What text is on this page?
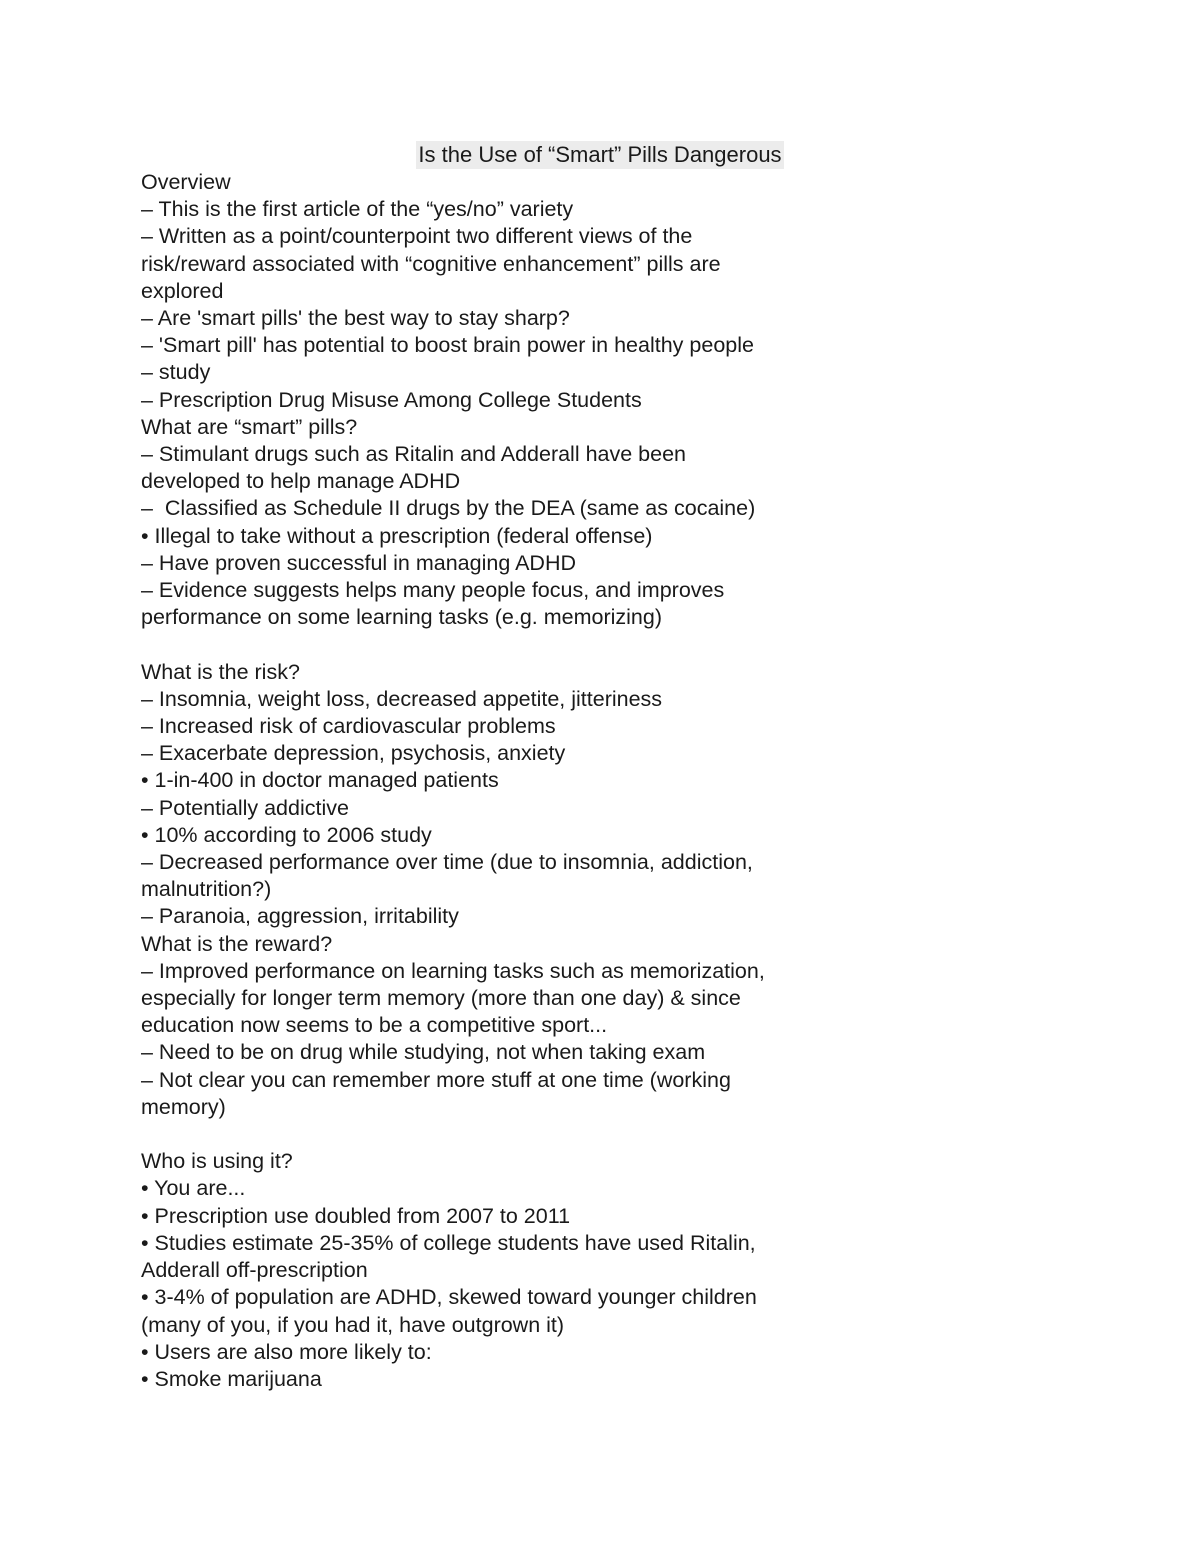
Is the Use of “Smart” Pills Dangerous
Overview
– This is the first article of the “yes/no” variety
– Written as a point/counterpoint two different views of the
risk/reward associated with “cognitive enhancement” pills are
explored
– Are 'smart pills' the best way to stay sharp?
– 'Smart pill' has potential to boost brain power in healthy people
– study
– Prescription Drug Misuse Among College Students
What are “smart” pills?
– Stimulant drugs such as Ritalin and Adderall have been
developed to help manage ADHD
–  Classified as Schedule II drugs by the DEA (same as cocaine)
• Illegal to take without a prescription (federal offense)
– Have proven successful in managing ADHD
– Evidence suggests helps many people focus, and improves
performance on some learning tasks (e.g. memorizing)
What is the risk?
– Insomnia, weight loss, decreased appetite, jitteriness
– Increased risk of cardiovascular problems
– Exacerbate depression, psychosis, anxiety
• 1-in-400 in doctor managed patients
– Potentially addictive
• 10% according to 2006 study
– Decreased performance over time (due to insomnia, addiction,
malnutrition?)
– Paranoia, aggression, irritability
What is the reward?
– Improved performance on learning tasks such as memorization,
especially for longer term memory (more than one day) & since
education now seems to be a competitive sport...
– Need to be on drug while studying, not when taking exam
– Not clear you can remember more stuff at one time (working
memory)
Who is using it?
• You are...
• Prescription use doubled from 2007 to 2011
• Studies estimate 25-35% of college students have used Ritalin,
Adderall off-prescription
• 3-4% of population are ADHD, skewed toward younger children
(many of you, if you had it, have outgrown it)
• Users are also more likely to:
• Smoke marijuana
